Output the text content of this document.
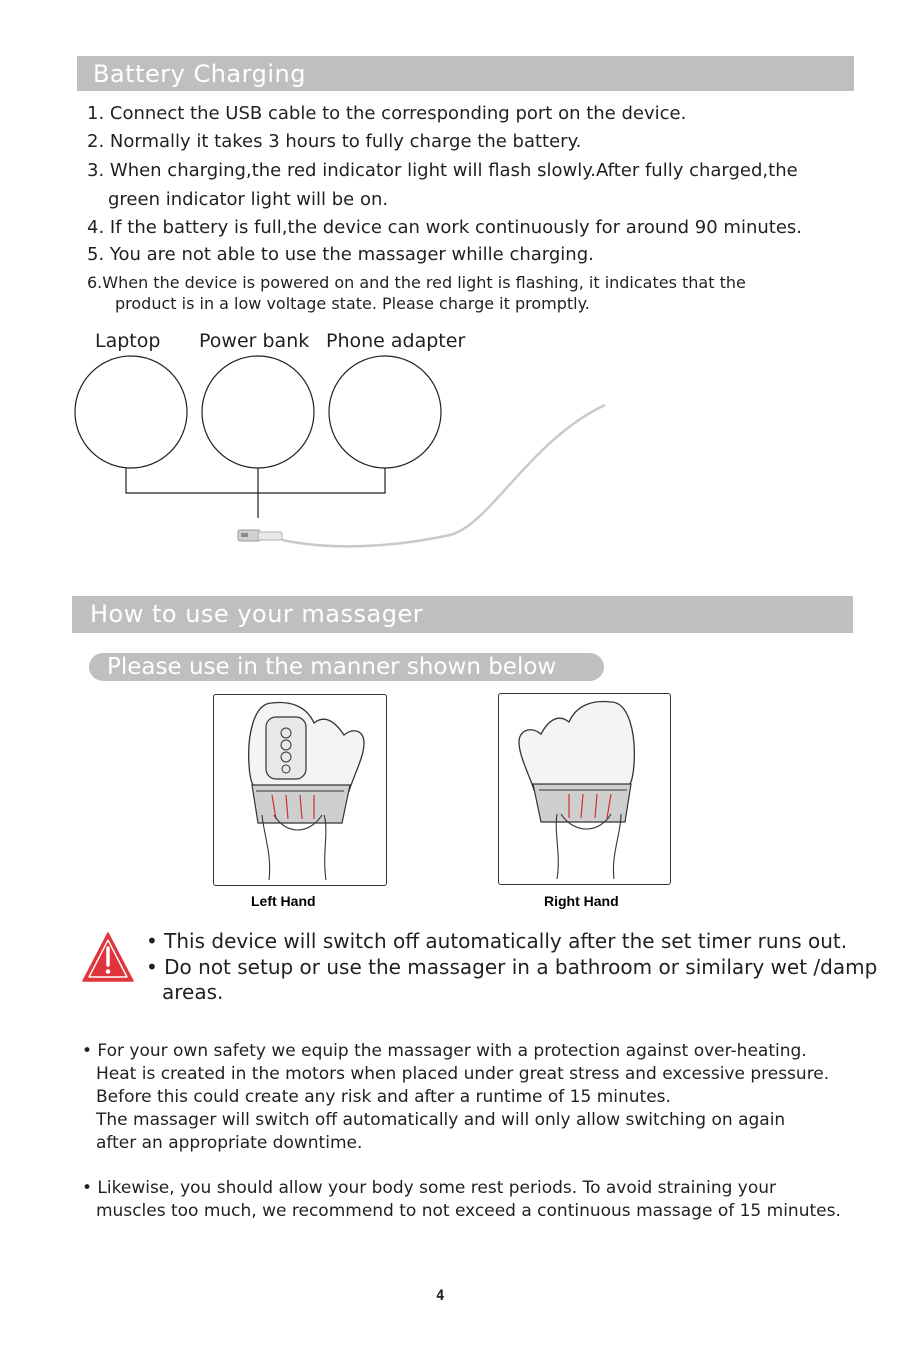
Battery Charging
1. Connect the USB cable to the corresponding port on the device.
2. Normally it takes 3 hours to fully charge the battery.
3. When charging,the red indicator light will flash slowly.After fully charged,the
green indicator light will be on.
4. If the battery is full,the device can work continuously for around 90 minutes.
5. You are not able to use the massager whille charging.
6.When the device is powered on and the red light is flashing, it indicates that the
product is in a low voltage state. Please charge it promptly.
Laptop Power bank Phone adapter
How to use your massager
Please use in the manner shown below
Left Hand	Right Hand
• This device will switch off automatically after the set timer runs out.
• Do not setup or use the massager in a bathroom or similary wet /damp
areas.
• For your own safety we equip the massager with a protection against over-heating.
Heat is created in the motors when placed under great stress and excessive pressure.
Before this could create any risk and after a runtime of 15 minutes.
The massager will switch off automatically and will only allow switching on again
after an appropriate downtime.
• Likewise, you should allow your body some rest periods. To avoid straining your
muscles too much, we recommend to not exceed a continuous massage of 15 minutes.
4
